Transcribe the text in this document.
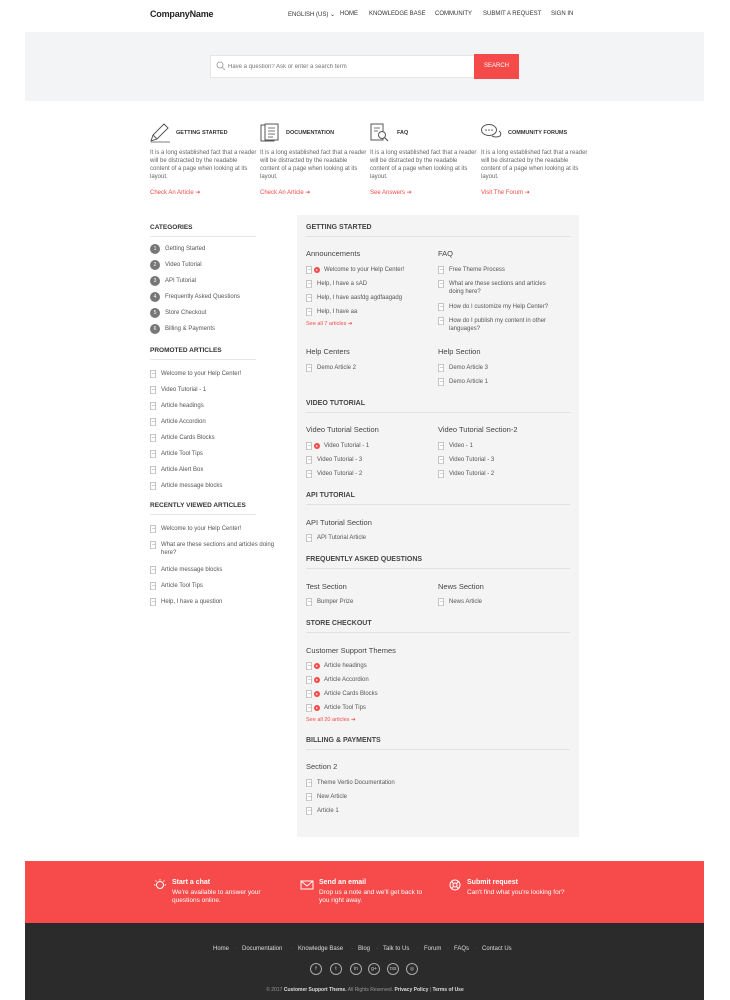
CompanyName	ENGLISH (US) ⌄ HOME KNOWLEDGE BASE COMMUNITY SUBMIT A REQUEST SIGN IN
Have a question? Ask or enter a search term
SEARCH
GETTING STARTED
It is a long established fact that a reader will be distracted by the readable content of a page when looking at its layout.
Check An Article ➔
DOCUMENTATION
It is a long established fact that a reader will be distracted by the readable content of a page when looking at its layout.
Check An Article ➔
FAQ
It is a long established fact that a reader will be distracted by the readable content of a page when looking at its layout.
See Answers ➔
COMMUNITY FORUMS
It is a long established fact that a reader will be distracted by the readable content of a page when looking at its layout.
Visit The Forum ➔
CATEGORIES
1	Getting Started
2	Video Tutorial
3	API Tutorial
4	Frequently Asked Questions
5	Store Checkout
6	Billing & Payments
PROMOTED ARTICLES
Welcome to your Help Center!
Video Tutorial - 1
Article headings
Article Accordion
Article Cards Blocks
Article Tool Tips
Article Alert Box
Article message blocks
RECENTLY VIEWED ARTICLES
Welcome to your Help Center!
What are these sections and articles doing here?
Article message blocks
Article Tool Tips
Help, I have a question
GETTING STARTED
Announcements
Welcome to your Help Center!
Help, I have a sAD
Help, I have aasfdg agdfaagadg
Help, I have aa
See all 7 articles ➔
FAQ
Free Theme Process
What are these sections and articles doing here?
How do I customize my Help Center?
How do I publish my content in other languages?
Help Centers
Demo Article 2
Help Section
Demo Article 3
Demo Article 1
VIDEO TUTORIAL
Video Tutorial Section
Video Tutorial - 1
Video Tutorial - 3
Video Tutorial - 2
Video Tutorial Section-2
Video - 1
Video Tutorial - 3
Video Tutorial - 2
API TUTORIAL
API Tutorial Section
API Tutorial Article
FREQUENTLY ASKED QUESTIONS
Test Section
Bumper Prize
News Section
News Article
STORE CHECKOUT
Customer Support Themes
Article headings
Article Accordion
Article Cards Blocks
Article Tool Tips
See all 20 articles ➔
BILLING & PAYMENTS
Section 2
Theme Vertio Documentation
New Article
Article 1
Start a chat
We're available to answer your questions online.
Send an email
Drop us a note and we'll get back to you right away.
Submit request
Can't find what you're looking for?
Home · Documentation · Knowledge Base · Blog · Talk to Us · Forum · FAQs · Contact Us
f	t	in	g+	rss	◎
© 2017 Customer Support Theme. All Rights Reserved. Privacy Policy | Terms of Use
